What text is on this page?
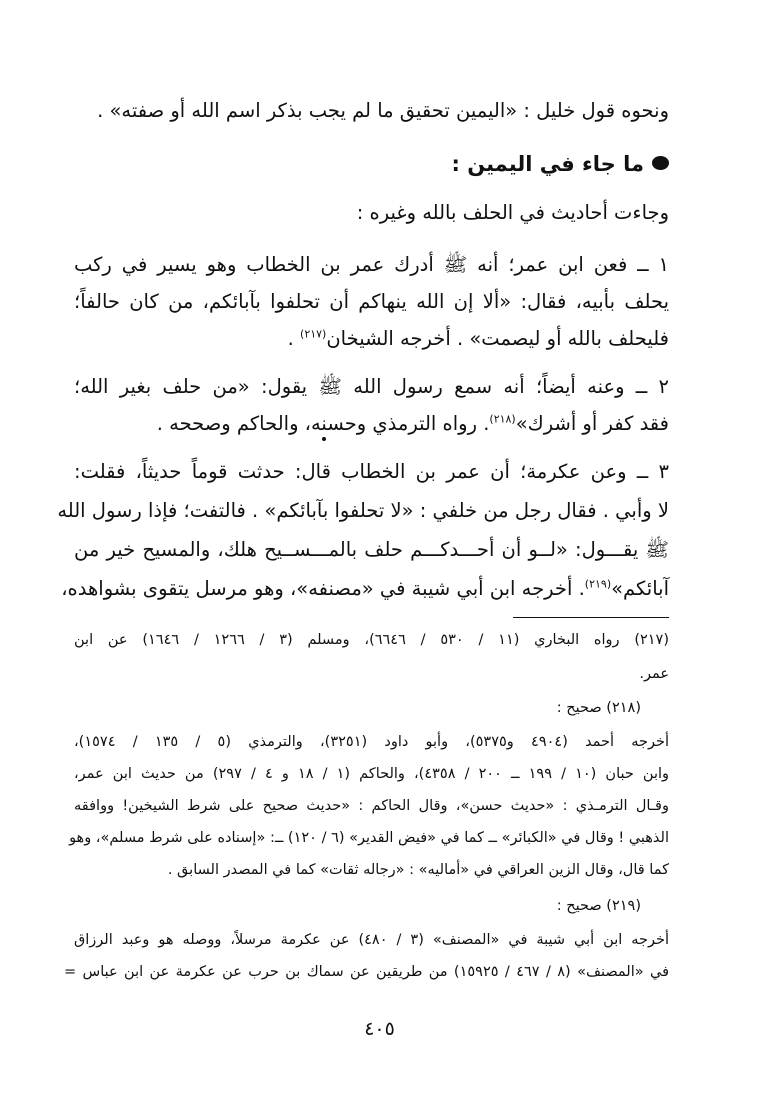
ونحوه قول خليل : «اليمين تحقيق ما لم يجب بذكر اسم الله أو صفته» .
ما جاء في اليمين :
وجاءت أحاديث في الحلف بالله وغيره :
١ ــ فعن ابن عمر؛ أنه ﷺ أدرك عمر بن الخطاب وهو يسير في ركب
يحلف بأبيه، فقال: «ألا إن الله ينهاكم أن تحلفوا بآبائكم، من كان حالفاً؛
فليحلف بالله أو ليصمت» . أخرجه الشيخان$^{(٢١٧)}$ .
٢ ــ وعنه أيضاً؛ أنه سمع رسول الله ﷺ يقول: «من حلف بغير الله؛
فقد كفر أو أشرك»$^{(٢١٨)}$. رواه الترمذي وحسنه، والحاكم وصححه .
٣ ــ وعن عكرمة؛ أن عمر بن الخطاب قال: حدثت قوماً حديثاً، فقلت:
لا وأبي . فقال رجل من خلفي : «لا تحلفوا بآبائكم» . فالتفت؛ فإذا رسول الله
ﷺ يقـــول: «لــو أن أحـــدكـــم حلف بالمـــســيح هلك، والمسيح خير من
آبائكم»$^{(٢١٩)}$. أخرجه ابن أبي شيبة في «مصنفه»، وهو مرسل يتقوى بشواهده،
(٢١٧) رواه البخاري (١١ / ٥٣٠ / ٦٦٤٦)، ومسلم (٣ / ١٢٦٦ / ١٦٤٦) عن ابن
عمر.
(٢١٨) صحيح :
أخرجه أحمد (٤٩٠٤ و٥٣٧٥)، وأبو داود (٣٢٥١)، والترمذي (٥ / ١٣٥ / ١٥٧٤)،
وابن حبان (١٠ / ١٩٩ ــ ٢٠٠ / ٤٣٥٨)، والحاكم (١ / ١٨ و ٤ / ٢٩٧) من حديث ابن عمر،
وقـال الترمـذي : «حديث حسن»، وقال الحاكم : «حديث صحيح على شرط الشيخين! ووافقه
الذهبي ! وقال في «الكبائر» ــ كما في «فيض القدير» (٦ / ١٢٠) ــ: «إسناده على شرط مسلم»، وهو
كما قال، وقال الزين العراقي في «أماليه» : «رجاله ثقات» كما في المصدر السابق .
(٢١٩) صحيح :
أخرجه ابن أبي شيبة في «المصنف» (٣ / ٤٨٠) عن عكرمة مرسلاً، ووصله هو وعبد الرزاق
في «المصنف» (٨ / ٤٦٧ / ١٥٩٢٥) من طريقين عن سماك بن حرب عن عكرمة عن ابن عباس =
٤٠٥
